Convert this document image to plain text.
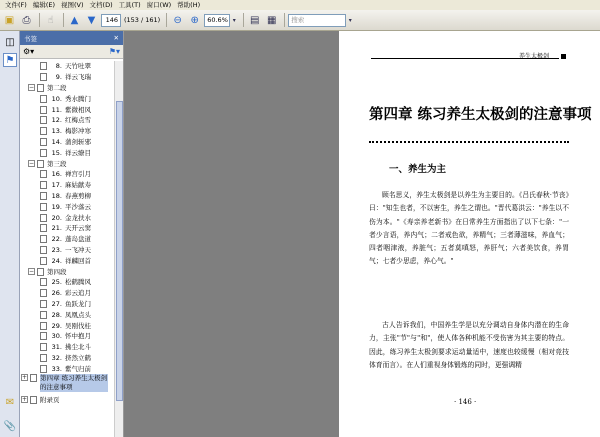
文件(F) 编辑(E) 视图(V) 文档(D) 工具(T) 窗口(W) 帮助(H)
▣ ⎙	☝	▲ ▼	146 (153 / 161)	⊖ ⊕	60.6% ▾ ▤ ▦	搜索	▾
◫
⚑
✉
📎
书签	✕
⚙▾	⚑▾
8. 天竹吐翠
9. 祥云飞瑞
− 第二段
10. 秀水腾门
11. 紫微相风
12. 红梅点雪
13. 梅影冲寒
14. 蒲剑斩邪
15. 祥云缭目
− 第三段
16. 禅宫引月
17. 麻姑献寿
18. 春燕剪柳
19. 平沙落云
20. 金龙扶水
21. 天开云窦
22. 蓬岛盘道
23. 一飞冲天
24. 祥麟回首
− 第四段
25. 松鹤腾风
26. 彩云追月
27. 鱼跃龙门
28. 凤凰点头
29. 吴刚伐桂
30. 怀中抱月
31. 拂尘北斗
32. 挤然立鹤
33. 紫气归前
+ 第四章 练习养生太极剑的注意事项
+ 附录页
养生太极剑
第四章 练习养生太极剑的注意事项
一、养生为主
顾名思义，养生太极剑是以养生为主要目的。《吕氏春秋·节丧》曰："知生也者，不以害生，养生之谓也。"晋代葛洪云："养生以不伤为本。"《寿亲养老新书》在日常养生方面指出了以下七条："一者少言语，养内气；二者戒色欲，养精气；三者薄滋味，养血气；四者咽津液，养脏气；五者莫嗔怒，养肝气；六者美饮食，养胃气；七者少思虑，养心气。"
古人告诉我们，中国养生学是以充分调动自身体内潜在的生命力，主张"节"与"和"，使人体各种机能不受伤害为其主要的特点。因此，练习养生太极剑要求运动量适中，速度也较缓慢（相对竞技体育而言）。在人们重视身体锻炼的同时，更强调精
· 146 ·
